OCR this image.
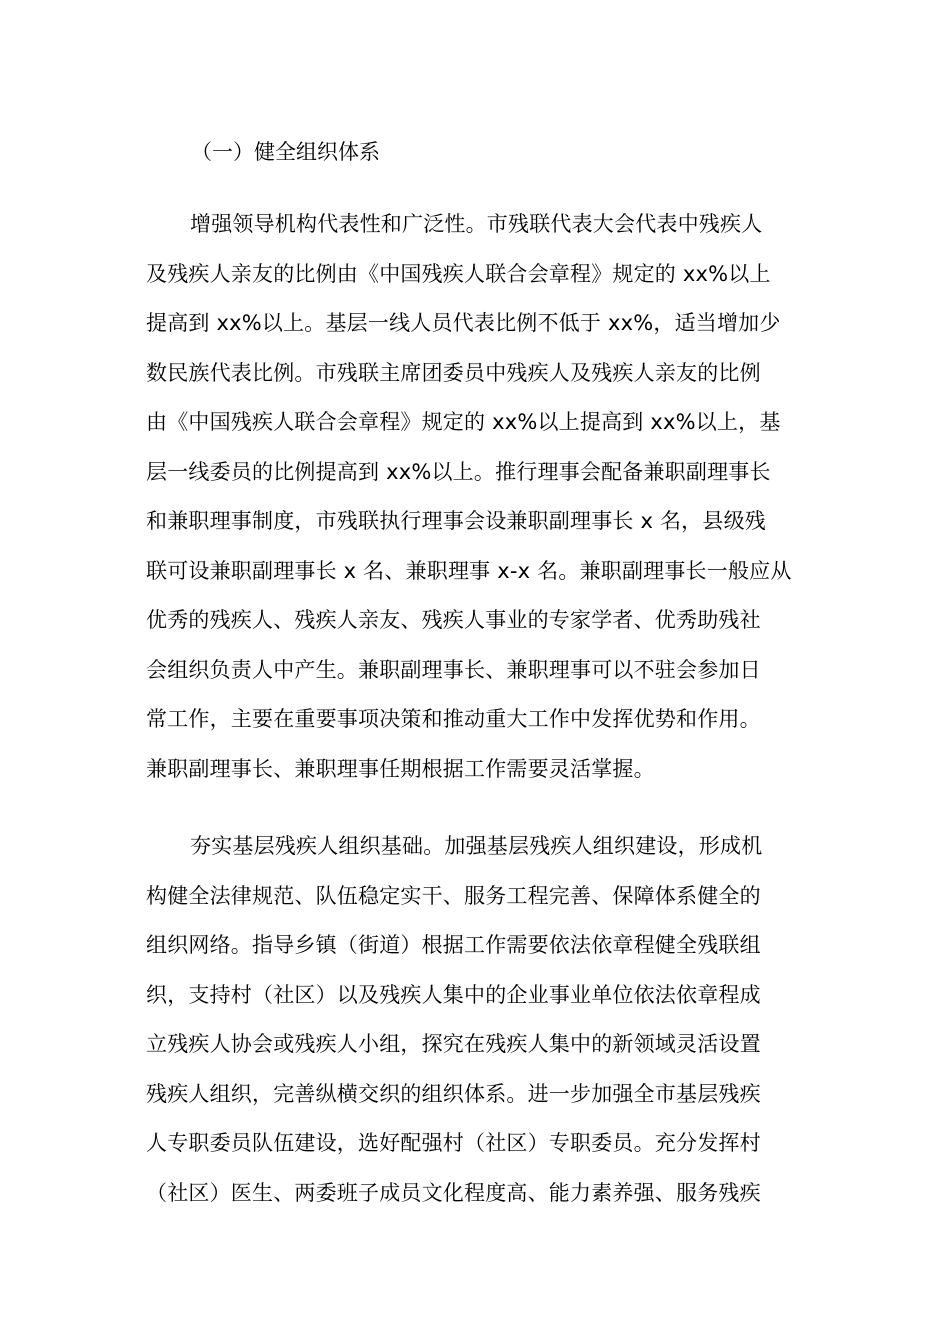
（一）健全组织体系
增强领导机构代表性和广泛性。市残联代表大会代表中残疾人
及残疾人亲友的比例由《中国残疾人联合会章程》规定的 xx%以上
提高到 xx%以上。基层一线人员代表比例不低于 xx%，适当增加少
数民族代表比例。市残联主席团委员中残疾人及残疾人亲友的比例
由《中国残疾人联合会章程》规定的 xx%以上提高到 xx%以上，基
层一线委员的比例提高到 xx%以上。推行理事会配备兼职副理事长
和兼职理事制度，市残联执行理事会设兼职副理事长 x 名，县级残
联可设兼职副理事长 x 名、兼职理事 x-x 名。兼职副理事长一般应从
优秀的残疾人、残疾人亲友、残疾人事业的专家学者、优秀助残社
会组织负责人中产生。兼职副理事长、兼职理事可以不驻会参加日
常工作，主要在重要事项决策和推动重大工作中发挥优势和作用。
兼职副理事长、兼职理事任期根据工作需要灵活掌握。
夯实基层残疾人组织基础。加强基层残疾人组织建设，形成机
构健全法律规范、队伍稳定实干、服务工程完善、保障体系健全的
组织网络。指导乡镇（街道）根据工作需要依法依章程健全残联组
织，支持村（社区）以及残疾人集中的企业事业单位依法依章程成
立残疾人协会或残疾人小组，探究在残疾人集中的新领域灵活设置
残疾人组织，完善纵横交织的组织体系。进一步加强全市基层残疾
人专职委员队伍建设，选好配强村（社区）专职委员。充分发挥村
（社区）医生、两委班子成员文化程度高、能力素养强、服务残疾
